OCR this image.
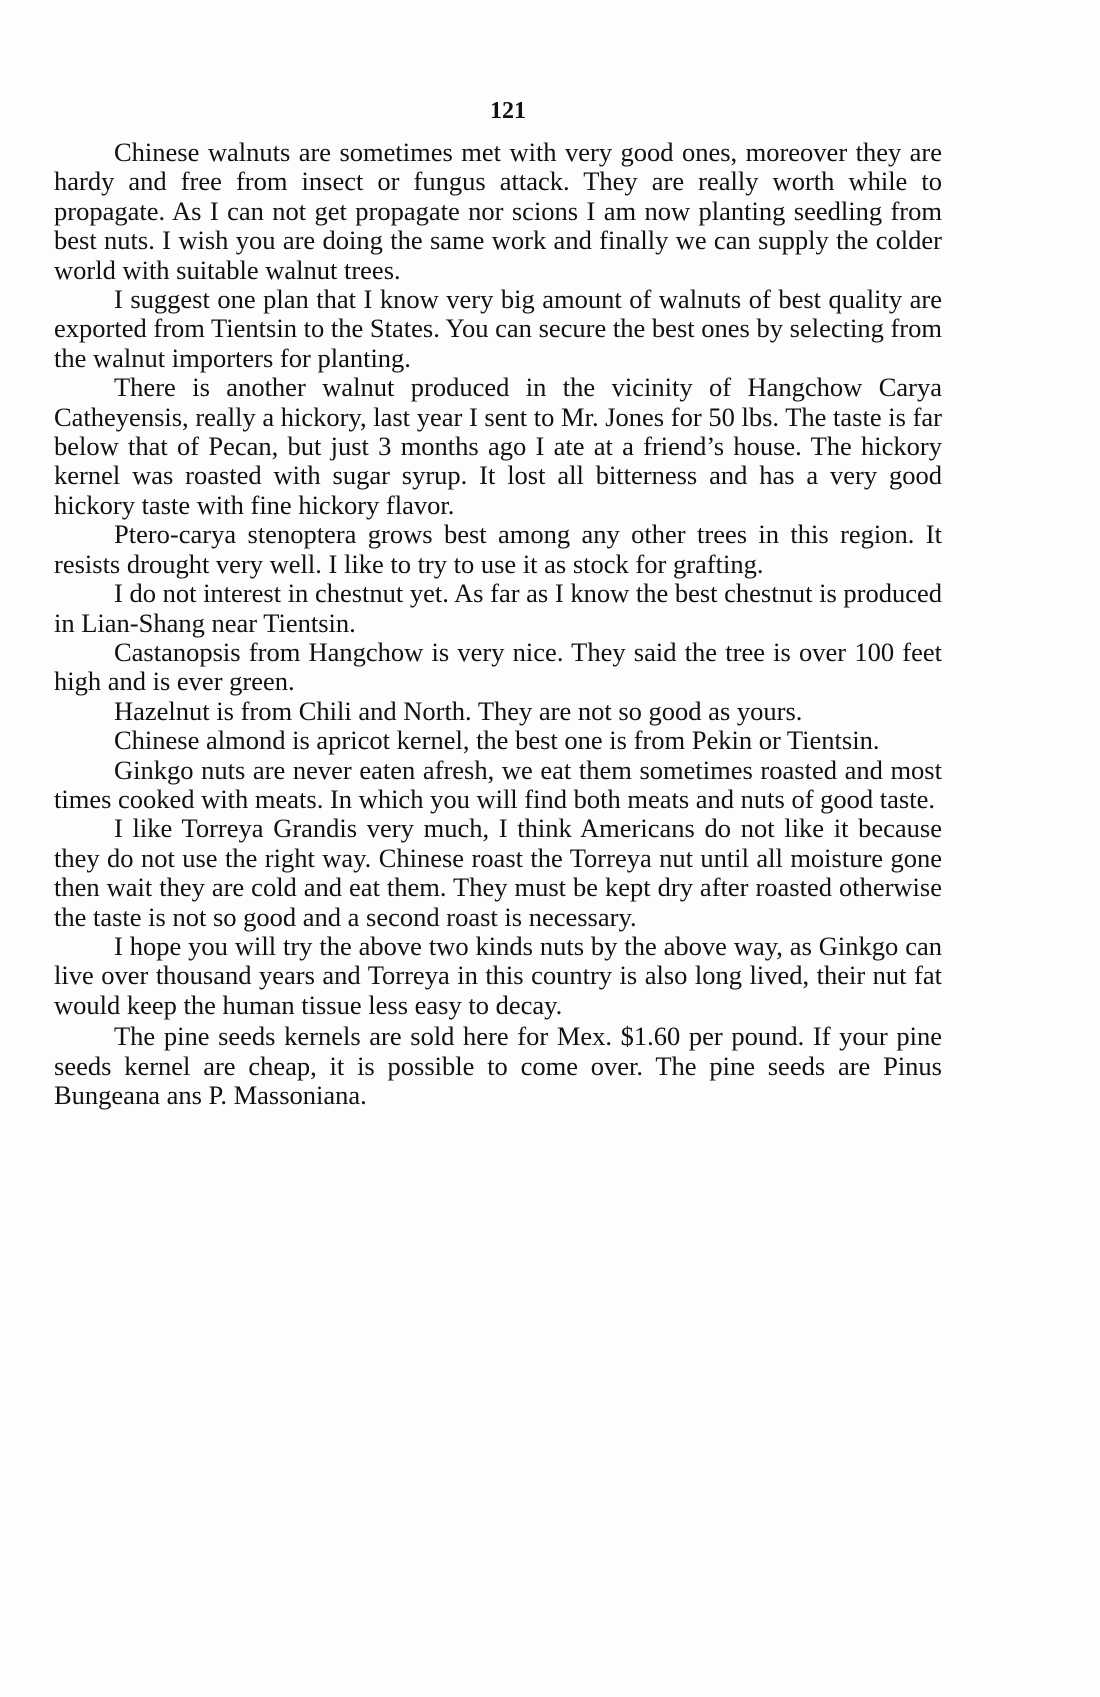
121

Chinese walnuts are sometimes met with very good ones, moreover they are hardy and free from insect or fungus attack. They are really worth while to propagate. As I can not get propagate nor scions I am now planting seedling from best nuts. I wish you are doing the same work and finally we can supply the colder world with suitable walnut trees.

I suggest one plan that I know very big amount of walnuts of best quality are exported from Tientsin to the States. You can secure the best ones by selecting from the walnut importers for planting.

There is another walnut produced in the vicinity of Hangchow Carya Catheyensis, really a hickory, last year I sent to Mr. Jones for 50 lbs. The taste is far below that of Pecan, but just 3 months ago I ate at a friend’s house. The hickory kernel was roasted with sugar syrup. It lost all bitterness and has a very good hickory taste with fine hickory flavor.

Ptero-carya stenoptera grows best among any other trees in this region. It resists drought very well. I like to try to use it as stock for grafting.

I do not interest in chestnut yet. As far as I know the best chestnut is produced in Lian-Shang near Tientsin.

Castanopsis from Hangchow is very nice. They said the tree is over 100 feet high and is ever green.

Hazelnut is from Chili and North. They are not so good as yours.

Chinese almond is apricot kernel, the best one is from Pekin or Tientsin.

Ginkgo nuts are never eaten afresh, we eat them sometimes roasted and most times cooked with meats. In which you will find both meats and nuts of good taste.

I like Torreya Grandis very much, I think Americans do not like it because they do not use the right way. Chinese roast the Torreya nut until all moisture gone then wait they are cold and eat them. They must be kept dry after roasted otherwise the taste is not so good and a second roast is necessary.

I hope you will try the above two kinds nuts by the above way, as Ginkgo can live over thousand years and Torreya in this country is also long lived, their nut fat would keep the human tissue less easy to decay.

The pine seeds kernels are sold here for Mex. $1.60 per pound. If your pine seeds kernel are cheap, it is possible to come over. The pine seeds are Pinus Bungeana ans P. Massoniana.
